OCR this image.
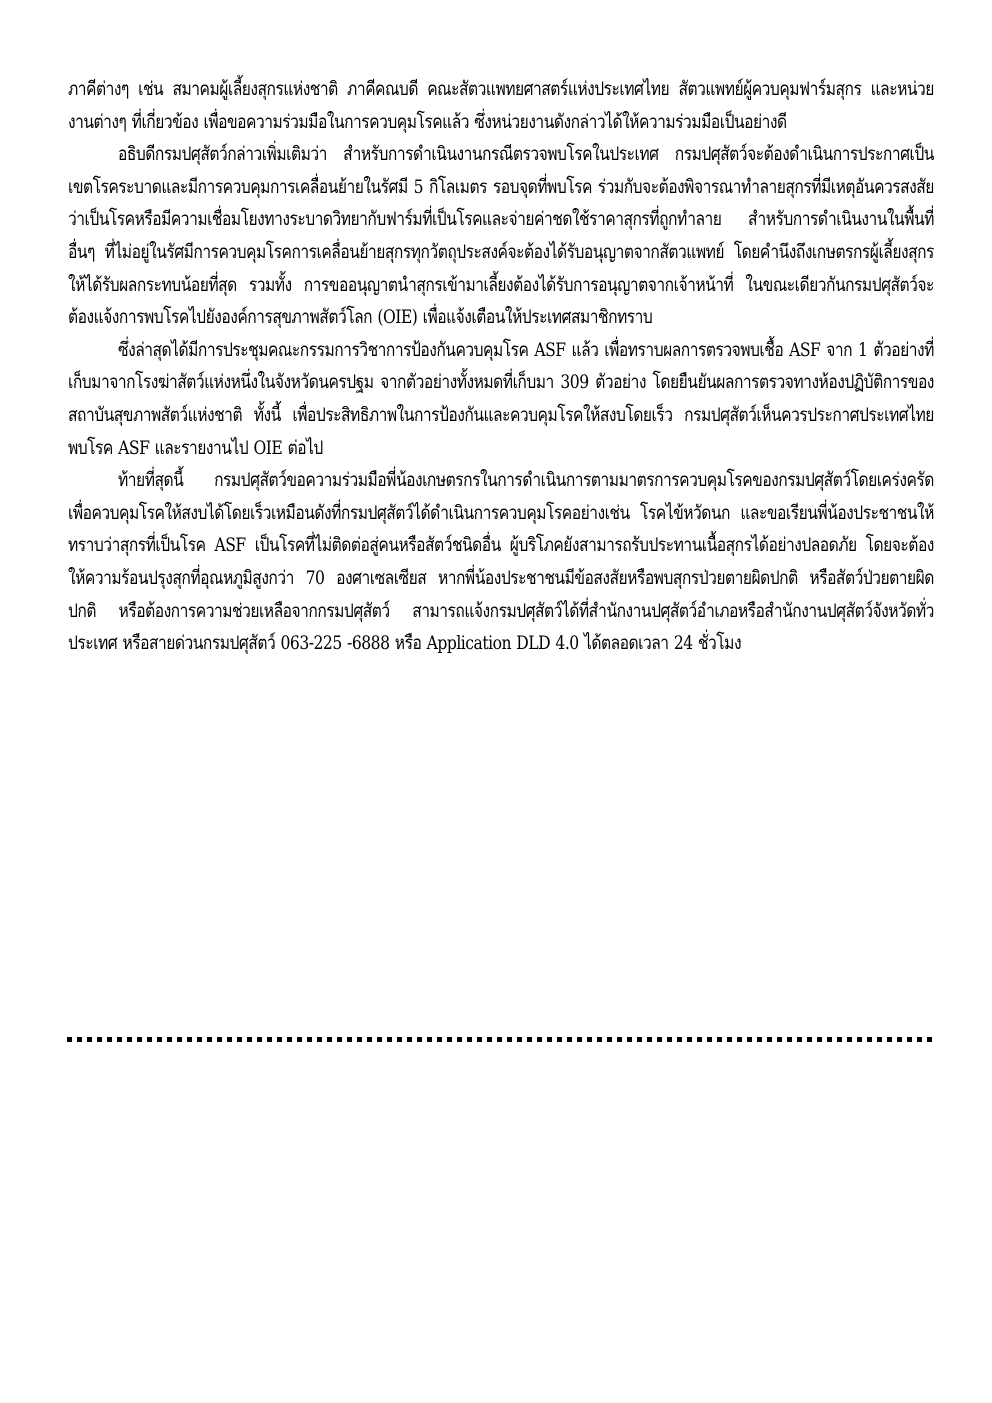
ภาคีต่างๆ เช่น สมาคมผู้เลี้ยงสุกรแห่งชาติ ภาคีคณบดี คณะสัตวแพทยศาสตร์แห่งประเทศไทย สัตวแพทย์ผู้ควบคุมฟาร์มสุกร และหน่วยงานต่างๆ ที่เกี่ยวข้อง เพื่อขอความร่วมมือในการควบคุมโรคแล้ว ซึ่งหน่วยงานดังกล่าวได้ให้ความร่วมมือเป็นอย่างดี

อธิบดีกรมปศุสัตว์กล่าวเพิ่มเติมว่า สำหรับการดำเนินงานกรณีตรวจพบโรคในประเทศ กรมปศุสัตว์จะต้องดำเนินการประกาศเป็นเขตโรคระบาดและมีการควบคุมการเคลื่อนย้ายในรัศมี 5 กิโลเมตร รอบจุดที่พบโรค ร่วมกับจะต้องพิจารณาทำลายสุกรที่มีเหตุอันควรสงสัยว่าเป็นโรคหรือมีความเชื่อมโยงทางระบาดวิทยากับฟาร์มที่เป็นโรคและจ่ายค่าชดใช้ราคาสุกรที่ถูกทำลาย สำหรับการดำเนินงานในพื้นที่อื่นๆ ที่ไม่อยู่ในรัศมีการควบคุมโรคการเคลื่อนย้ายสุกรทุกวัตถุประสงค์จะต้องได้รับอนุญาตจากสัตวแพทย์ โดยคำนึงถึงเกษตรกรผู้เลี้ยงสุกรให้ได้รับผลกระทบน้อยที่สุด รวมทั้ง การขออนุญาตนำสุกรเข้ามาเลี้ยงต้องได้รับการอนุญาตจากเจ้าหน้าที่ ในขณะเดียวกันกรมปศุสัตว์จะต้องแจ้งการพบโรคไปยังองค์การสุขภาพสัตว์โลก (OIE) เพื่อแจ้งเตือนให้ประเทศสมาชิกทราบ

ซึ่งล่าสุดได้มีการประชุมคณะกรรมการวิชาการป้องกันควบคุมโรค ASF แล้ว เพื่อทราบผลการตรวจพบเชื้อ ASF จาก 1 ตัวอย่างที่เก็บมาจากโรงฆ่าสัตว์แห่งหนึ่งในจังหวัดนครปฐม จากตัวอย่างทั้งหมดที่เก็บมา 309 ตัวอย่าง โดยยืนยันผลการตรวจทางห้องปฏิบัติการของสถาบันสุขภาพสัตว์แห่งชาติ ทั้งนี้ เพื่อประสิทธิภาพในการป้องกันและควบคุมโรคให้สงบโดยเร็ว กรมปศุสัตว์เห็นควรประกาศประเทศไทยพบโรค ASF และรายงานไป OIE ต่อไป

ท้ายที่สุดนี้ กรมปศุสัตว์ขอความร่วมมือพี่น้องเกษตรกรในการดำเนินการตามมาตรการควบคุมโรคของกรมปศุสัตว์โดยเคร่งครัด เพื่อควบคุมโรคให้สงบได้โดยเร็วเหมือนดังที่กรมปศุสัตว์ได้ดำเนินการควบคุมโรคอย่างเช่น โรคไข้หวัดนก และขอเรียนพี่น้องประชาชนให้ทราบว่าสุกรที่เป็นโรค ASF เป็นโรคที่ไม่ติดต่อสู่คนหรือสัตว์ชนิดอื่น ผู้บริโภคยังสามารถรับประทานเนื้อสุกรได้อย่างปลอดภัย โดยจะต้องให้ความร้อนปรุงสุกที่อุณหภูมิสูงกว่า 70 องศาเซลเซียส หากพี่น้องประชาชนมีข้อสงสัยหรือพบสุกรป่วยตายผิดปกติ หรือสัตว์ป่วยตายผิดปกติ หรือต้องการความช่วยเหลือจากกรมปศุสัตว์ สามารถแจ้งกรมปศุสัตว์ได้ที่สำนักงานปศุสัตว์อำเภอหรือสำนักงานปศุสัตว์จังหวัดทั่วประเทศ หรือสายด่วนกรมปศุสัตว์ 063-225 -6888 หรือ Application DLD 4.0 ได้ตลอดเวลา 24 ชั่วโมง
